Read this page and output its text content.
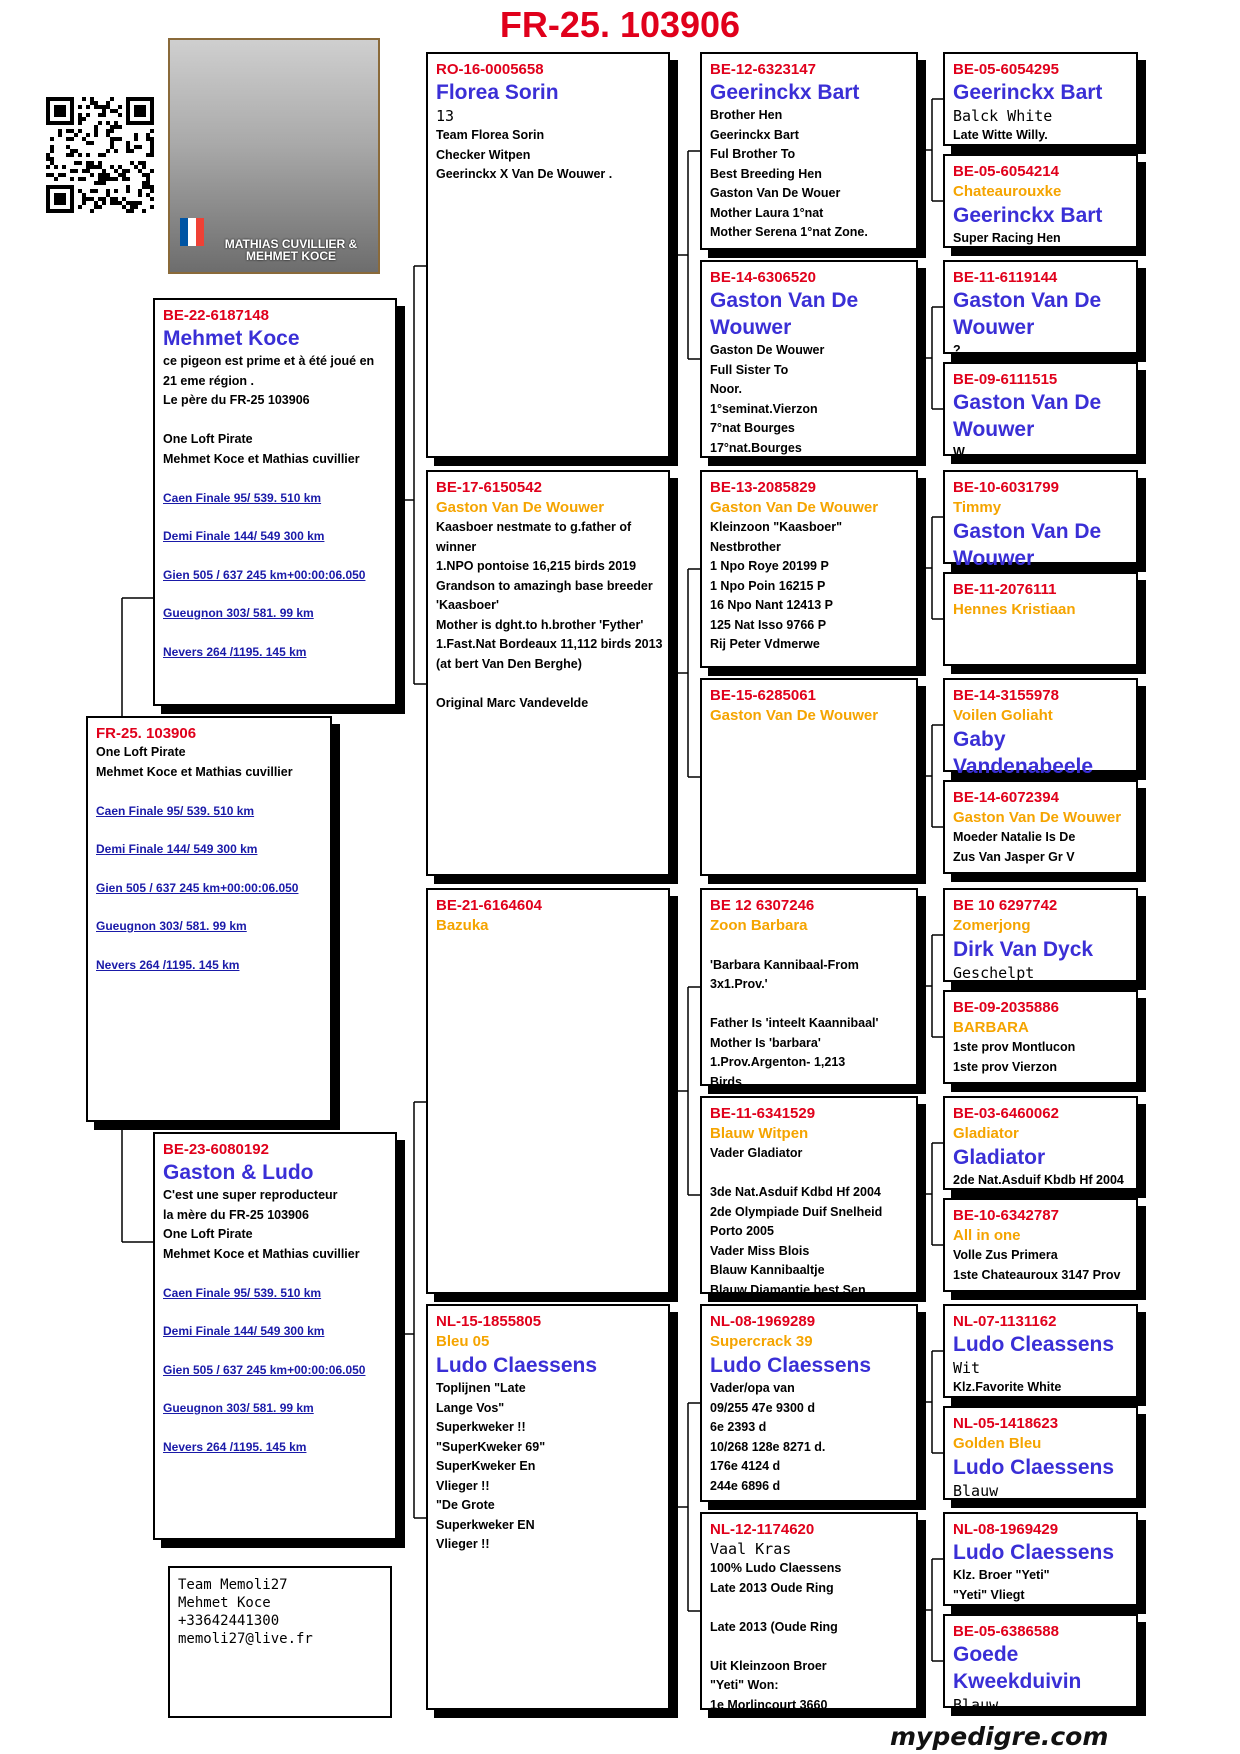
FR-25. 103906
MATHIAS CUVILLIER &
MEHMET KOCE
FR-25. 103906
One Loft Pirate
Mehmet Koce et Mathias cuvillier
Caen Finale 95/ 539. 510 km
Demi Finale 144/ 549 300 km
Gien 505 / 637 245 km+00:00:06.050
Gueugnon 303/ 581. 99 km
Nevers 264 /1195. 145 km
BE-22-6187148
Mehmet Koce
ce pigeon est prime et à été joué en
21 eme région .
Le père du FR-25 103906

One Loft Pirate
Mehmet Koce et Mathias cuvillier
Caen Finale 95/ 539. 510 km
Demi Finale 144/ 549 300 km
Gien 505 / 637 245 km+00:00:06.050
Gueugnon 303/ 581. 99 km
Nevers 264 /1195. 145 km
BE-23-6080192
Gaston & Ludo
C'est une super reproducteur
la mère du FR-25 103906
One Loft Pirate
Mehmet Koce et Mathias cuvillier
Caen Finale 95/ 539. 510 km
Demi Finale 144/ 549 300 km
Gien 505 / 637 245 km+00:00:06.050
Gueugnon 303/ 581. 99 km
Nevers 264 /1195. 145 km
RO-16-0005658
Florea Sorin
13
Team Florea Sorin
Checker Witpen
Geerinckx X Van De Wouwer .
BE-17-6150542
Gaston Van De Wouwer
Kaasboer nestmate to g.father of
winner
1.NPO pontoise 16,215 birds 2019
Grandson to amazingh base breeder
'Kaasboer'
Mother is dght.to h.brother 'Fyther'
1.Fast.Nat Bordeaux 11,112 birds 2013
(at bert Van Den Berghe)

Original Marc Vandevelde
BE-21-6164604
Bazuka
NL-15-1855805
Bleu 05
Ludo Claessens
Toplijnen "Late
Lange Vos"
Superkweker !!
"SuperKweker 69"
SuperKweker En
Vlieger !!
"De Grote
Superkweker EN
Vlieger !!
BE-12-6323147
Geerinckx Bart
Brother Hen
Geerinckx Bart
Ful Brother To
Best Breeding Hen
Gaston Van De Wouer
Mother Laura 1°nat
Mother Serena 1°nat Zone.
BE-14-6306520
Gaston Van De
Wouwer
Gaston De Wouwer
Full Sister To
Noor.
1°seminat.Vierzon
7°nat Bourges
17°nat.Bourges
BE-13-2085829
Gaston Van De Wouwer
Kleinzoon "Kaasboer"
Nestbrother
1 Npo Roye 20199 P
1 Npo Poin 16215 P
16 Npo Nant 12413 P
125 Nat Isso 9766 P
Rij Peter Vdmerwe
BE-15-6285061
Gaston Van De Wouwer
BE 12 6307246
Zoon Barbara

'Barbara Kannibaal-From
3x1.Prov.'

Father Is 'inteelt Kaannibaal'
Mother Is 'barbara'
1.Prov.Argenton- 1,213
Birds
BE-11-6341529
Blauw Witpen
Vader Gladiator

3de Nat.Asduif Kdbd Hf 2004
2de Olympiade Duif Snelheid
Porto 2005
Vader Miss Blois
Blauw Kannibaaltje
Blauw Diamantje best Sen
NL-08-1969289
Supercrack 39
Ludo Claessens
Vader/opa van
09/255 47e 9300 d
6e 2393 d
10/268 128e 8271 d.
176e 4124 d
244e 6896 d
NL-12-1174620
Vaal Kras
100% Ludo Claessens
Late 2013 Oude Ring

Late 2013 (Oude Ring

Uit Kleinzoon Broer
"Yeti" Won:
1e Morlincourt 3660
BE-05-6054295
Geerinckx Bart
Balck White
Late Witte Willy.
BE-05-6054214
Chateaurouxke
Geerinckx Bart
Super Racing Hen
BE-11-6119144
Gaston Van De
Wouwer
?
BE-09-6111515
Gaston Van De
Wouwer
W
BE-10-6031799
Timmy
Gaston Van De
Wouwer
BE-11-2076111
Hennes Kristiaan
BE-14-3155978
Voilen Goliaht
Gaby
Vandenabeele
BE-14-6072394
Gaston Van De Wouwer
Moeder Natalie Is De
Zus Van Jasper Gr V
BE 10 6297742
Zomerjong
Dirk Van Dyck
Geschelpt
BE-09-2035886
BARBARA
1ste prov Montlucon
1ste prov Vierzon
BE-03-6460062
Gladiator
Gladiator
2de Nat.Asduif Kbdb Hf 2004
BE-10-6342787
All in one
Volle Zus Primera
1ste Chateauroux 3147 Prov
NL-07-1131162
Ludo Cleassens
Wit
Klz.Favorite White
NL-05-1418623
Golden Bleu
Ludo Claessens
Blauw
NL-08-1969429
Ludo Claessens
Klz. Broer "Yeti"
"Yeti" Vliegt
BE-05-6386588
Goede
Kweekduivin
Blauw
Team Memoli27
Mehmet Koce
+33642441300
memoli27@live.fr
mypedigre.com
